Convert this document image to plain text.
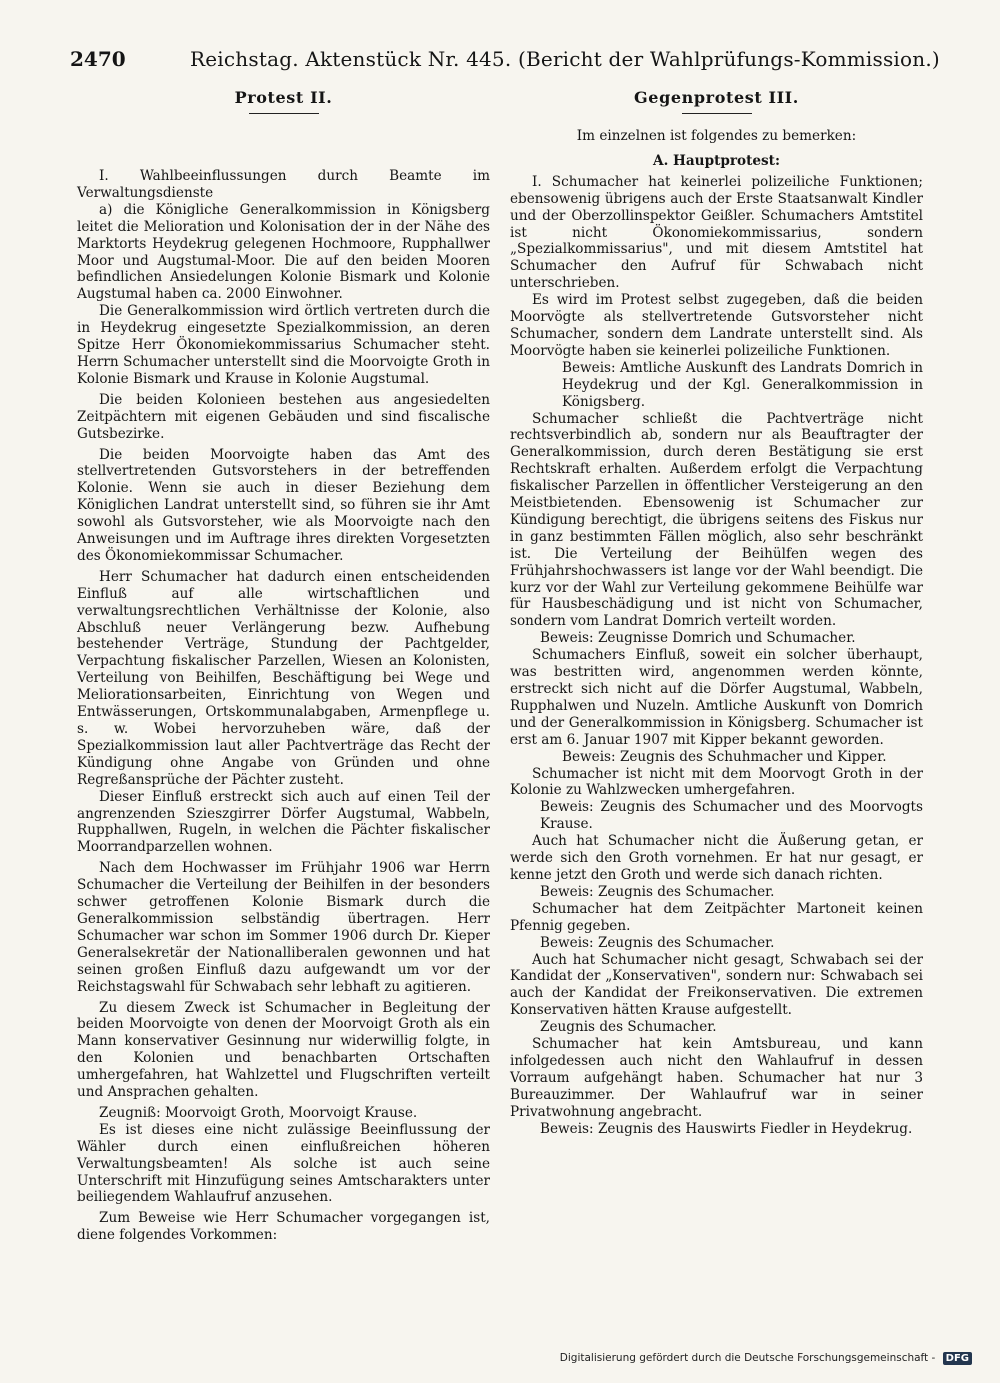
2470	Reichstag. Aktenstück Nr. 445. (Bericht der Wahlprüfungs-Kommission.)
Protest II.

I. Wahlbeeinflussungen durch Beamte im Verwaltungsdienste

a) die Königliche Generalkommission in Königsberg leitet die Melioration und Kolonisation der in der Nähe des Marktorts Heydekrug gelegenen Hochmoore, Rupphallwer Moor und Augstumal-Moor. Die auf den beiden Mooren befindlichen Ansiedelungen Kolonie Bismark und Kolonie Augstumal haben ca. 2000 Einwohner.

Die Generalkommission wird örtlich vertreten durch die in Heydekrug eingesetzte Spezialkommission, an deren Spitze Herr Ökonomiekommissarius Schumacher steht. Herrn Schumacher unterstellt sind die Moorvoigte Groth in Kolonie Bismark und Krause in Kolonie Augstumal.

Die beiden Kolonieen bestehen aus angesiedelten Zeitpächtern mit eigenen Gebäuden und sind fiscalische Gutsbezirke.

Die beiden Moorvoigte haben das Amt des stellvertretenden Gutsvorstehers in der betreffenden Kolonie. Wenn sie auch in dieser Beziehung dem Königlichen Landrat unterstellt sind, so führen sie ihr Amt sowohl als Gutsvorsteher, wie als Moorvoigte nach den Anweisungen und im Auftrage ihres direkten Vorgesetzten des Ökonomiekommissar Schumacher.

Herr Schumacher hat dadurch einen entscheidenden Einfluß auf alle wirtschaftlichen und verwaltungsrechtlichen Verhältnisse der Kolonie, also Abschluß neuer Verlängerung bezw. Aufhebung bestehender Verträge, Stundung der Pachtgelder, Verpachtung fiskalischer Parzellen, Wiesen an Kolonisten, Verteilung von Beihilfen, Beschäftigung bei Wege und Meliorationsarbeiten, Einrichtung von Wegen und Entwässerungen, Ortskommunalabgaben, Armenpflege u. s. w. Wobei hervorzuheben wäre, daß der Spezialkommission laut aller Pachtverträge das Recht der Kündigung ohne Angabe von Gründen und ohne Regreßansprüche der Pächter zusteht.

Dieser Einfluß erstreckt sich auch auf einen Teil der angrenzenden Szieszgirrer Dörfer Augstumal, Wabbeln, Rupphallwen, Rugeln, in welchen die Pächter fiskalischer Moorrandparzellen wohnen.

Nach dem Hochwasser im Frühjahr 1906 war Herrn Schumacher die Verteilung der Beihilfen in der besonders schwer getroffenen Kolonie Bismark durch die Generalkommission selbständig übertragen. Herr Schumacher war schon im Sommer 1906 durch Dr. Kieper Generalsekretär der Nationalliberalen gewonnen und hat seinen großen Einfluß dazu aufgewandt um vor der Reichstagswahl für Schwabach sehr lebhaft zu agitieren.

Zu diesem Zweck ist Schumacher in Begleitung der beiden Moorvoigte von denen der Moorvoigt Groth als ein Mann konservativer Gesinnung nur widerwillig folgte, in den Kolonien und benachbarten Ortschaften umhergefahren, hat Wahlzettel und Flugschriften verteilt und Ansprachen gehalten.

Zeugniß: Moorvoigt Groth, Moorvoigt Krause.

Es ist dieses eine nicht zulässige Beeinflussung der Wähler durch einen einflußreichen höheren Verwaltungsbeamten! Als solche ist auch seine Unterschrift mit Hinzufügung seines Amtscharakters unter beiliegendem Wahlaufruf anzusehen.

Zum Beweise wie Herr Schumacher vorgegangen ist, diene folgendes Vorkommen:

Gegenprotest III.

Im einzelnen ist folgendes zu bemerken:

A. Hauptprotest:

I. Schumacher hat keinerlei polizeiliche Funktionen; ebensowenig übrigens auch der Erste Staatsanwalt Kindler und der Oberzollinspektor Geißler. Schumachers Amtstitel ist nicht Ökonomiekommissarius, sondern „Spezialkommissarius", und mit diesem Amtstitel hat Schumacher den Aufruf für Schwabach nicht unterschrieben.

Es wird im Protest selbst zugegeben, daß die beiden Moorvögte als stellvertretende Gutsvorsteher nicht Schumacher, sondern dem Landrate unterstellt sind. Als Moorvögte haben sie keinerlei polizeiliche Funktionen.

Beweis: Amtliche Auskunft des Landrats Domrich in Heydekrug und der Kgl. Generalkommission in Königsberg.

Schumacher schließt die Pachtverträge nicht rechtsverbindlich ab, sondern nur als Beauftragter der Generalkommission, durch deren Bestätigung sie erst Rechtskraft erhalten. Außerdem erfolgt die Verpachtung fiskalischer Parzellen in öffentlicher Versteigerung an den Meistbietenden. Ebensowenig ist Schumacher zur Kündigung berechtigt, die übrigens seitens des Fiskus nur in ganz bestimmten Fällen möglich, also sehr beschränkt ist. Die Verteilung der Beihülfen wegen des Frühjahrshochwassers ist lange vor der Wahl beendigt. Die kurz vor der Wahl zur Verteilung gekommene Beihülfe war für Hausbeschädigung und ist nicht von Schumacher, sondern vom Landrat Domrich verteilt worden.

Beweis: Zeugnisse Domrich und Schumacher.

Schumachers Einfluß, soweit ein solcher überhaupt, was bestritten wird, angenommen werden könnte, erstreckt sich nicht auf die Dörfer Augstumal, Wabbeln, Rupphalwen und Nuzeln. Amtliche Auskunft von Domrich und der Generalkommission in Königsberg. Schumacher ist erst am 6. Januar 1907 mit Kipper bekannt geworden.

Beweis: Zeugnis des Schuhmacher und Kipper.

Schumacher ist nicht mit dem Moorvogt Groth in der Kolonie zu Wahlzwecken umhergefahren.

Beweis: Zeugnis des Schumacher und des Moorvogts Krause.

Auch hat Schumacher nicht die Äußerung getan, er werde sich den Groth vornehmen. Er hat nur gesagt, er kenne jetzt den Groth und werde sich danach richten.

Beweis: Zeugnis des Schumacher.

Schumacher hat dem Zeitpächter Martoneit keinen Pfennig gegeben.

Beweis: Zeugnis des Schumacher.

Auch hat Schumacher nicht gesagt, Schwabach sei der Kandidat der „Konservativen", sondern nur: Schwabach sei auch der Kandidat der Freikonservativen. Die extremen Konservativen hätten Krause aufgestellt.

Zeugnis des Schumacher.

Schumacher hat kein Amtsbureau, und kann infolgedessen auch nicht den Wahlaufruf in dessen Vorraum aufgehängt haben. Schumacher hat nur 3 Bureauzimmer. Der Wahlaufruf war in seiner Privatwohnung angebracht.

Beweis: Zeugnis des Hauswirts Fiedler in Heydekrug.

Digitalisierung gefördert durch die Deutsche Forschungsgemeinschaft - DFG
